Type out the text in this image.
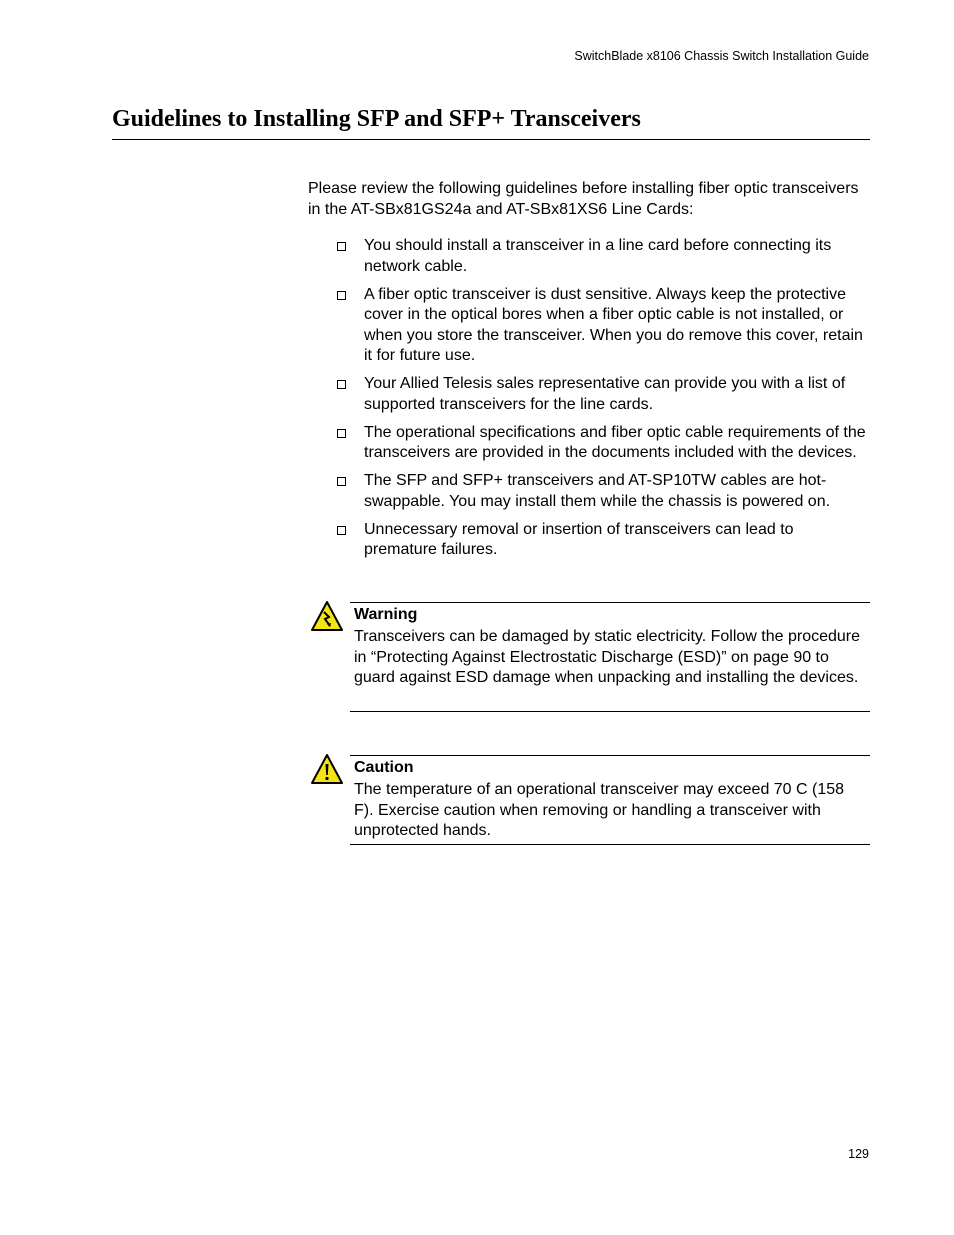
SwitchBlade x8106 Chassis Switch Installation Guide
Guidelines to Installing SFP and SFP+ Transceivers

Please review the following guidelines before installing fiber optic transceivers in the AT-SBx81GS24a and AT-SBx81XS6 Line Cards:

You should install a transceiver in a line card before connecting its network cable.
A fiber optic transceiver is dust sensitive. Always keep the protective cover in the optical bores when a fiber optic cable is not installed, or when you store the transceiver. When you do remove this cover, retain it for future use.
Your Allied Telesis sales representative can provide you with a list of supported transceivers for the line cards.
The operational specifications and fiber optic cable requirements of the transceivers are provided in the documents included with the devices.
The SFP and SFP+ transceivers and AT-SP10TW cables are hot-swappable. You may install them while the chassis is powered on.
Unnecessary removal or insertion of transceivers can lead to premature failures.
Warning

Transceivers can be damaged by static electricity. Follow the procedure in “Protecting Against Electrostatic Discharge (ESD)” on page 90 to guard against ESD damage when unpacking and installing the devices.

Caution

The temperature of an operational transceiver may exceed 70 C (158 F). Exercise caution when removing or handling a transceiver with unprotected hands.

129
